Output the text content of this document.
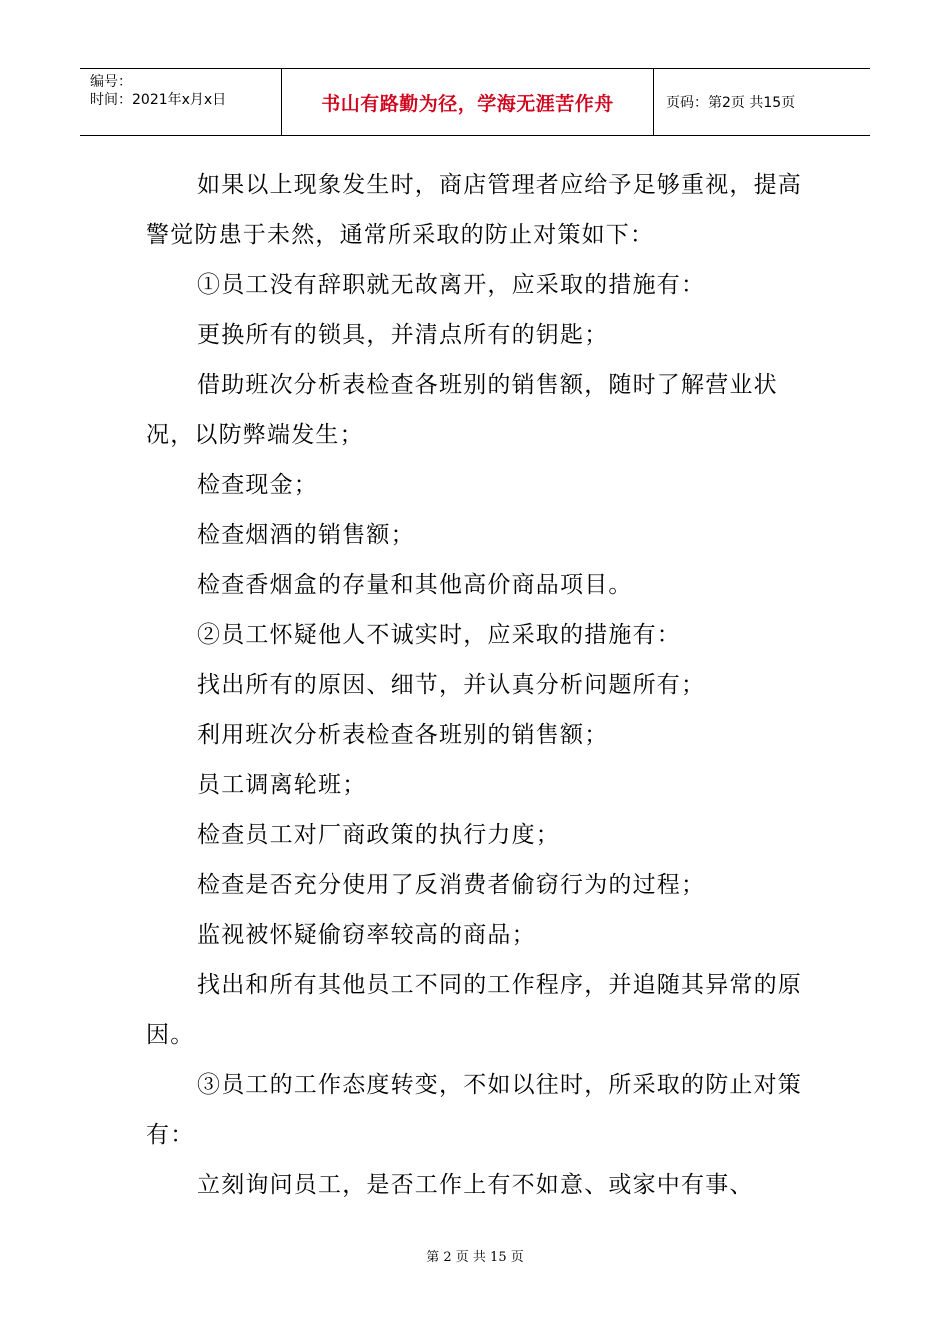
编号：
时间：2021年x月x日	书山有路勤为径，学海无涯苦作舟	页码：第2页 共15页

如果以上现象发生时，商店管理者应给予足够重视，提高警觉防患于未然，通常所采取的防止对策如下：

①员工没有辞职就无故离开，应采取的措施有：

更换所有的锁具，并清点所有的钥匙；

借助班次分析表检查各班别的销售额，随时了解营业状况，以防弊端发生；

检查现金；

检查烟酒的销售额；

检查香烟盒的存量和其他高价商品项目。

②员工怀疑他人不诚实时，应采取的措施有：

找出所有的原因、细节，并认真分析问题所有；

利用班次分析表检查各班别的销售额；

员工调离轮班；

检查员工对厂商政策的执行力度；

检查是否充分使用了反消费者偷窃行为的过程；

监视被怀疑偷窃率较高的商品；

找出和所有其他员工不同的工作程序，并追随其异常的原因。

③员工的工作态度转变，不如以往时，所采取的防止对策有：

立刻询问员工，是否工作上有不如意、或家中有事、

第 2 页 共 15 页
